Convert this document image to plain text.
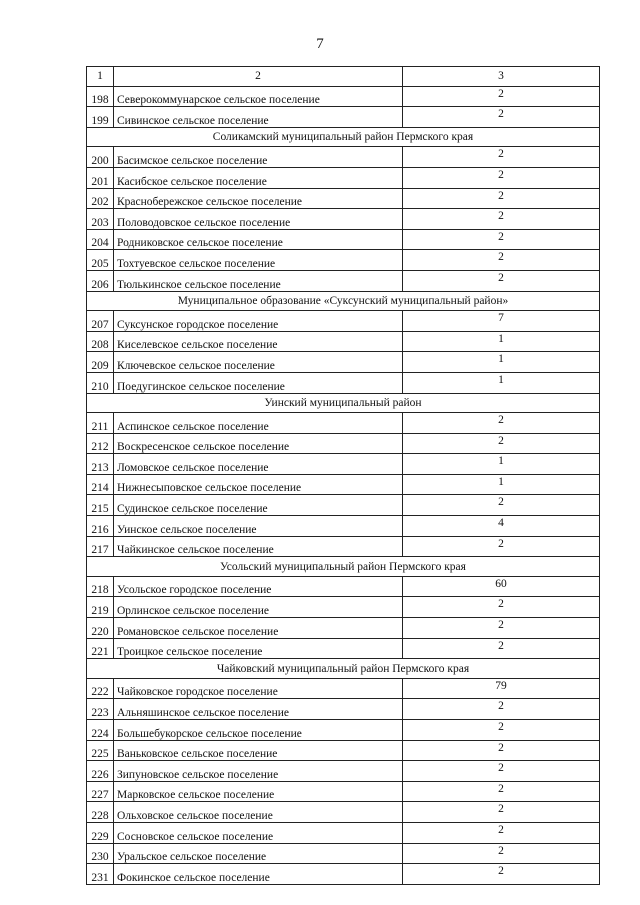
7
1	2	3
198	Северокоммунарское сельское поселение	2
199	Сивинское сельское поселение	2
Соликамский муниципальный район Пермского края		
200	Басимское сельское поселение	2
201	Касибское сельское поселение	2
202	Краснобережское сельское поселение	2
203	Половодовское сельское поселение	2
204	Родниковское сельское поселение	2
205	Тохтуевское сельское поселение	2
206	Тюлькинское сельское поселение	2
Муниципальное образование «Суксунский муниципальный район»		
207	Суксунское городское поселение	7
208	Киселевское сельское поселение	1
209	Ключевское сельское поселение	1
210	Поедугинское сельское поселение	1
Уинский муниципальный район		
211	Аспинское сельское поселение	2
212	Воскресенское сельское поселение	2
213	Ломовское сельское поселение	1
214	Нижнесыповское сельское поселение	1
215	Судинское сельское поселение	2
216	Уинское сельское поселение	4
217	Чайкинское сельское поселение	2
Усольский муниципальный район Пермского края		
218	Усольское городское поселение	60
219	Орлинское сельское поселение	2
220	Романовское сельское поселение	2
221	Троицкое сельское поселение	2
Чайковский муниципальный район Пермского края		
222	Чайковское городское поселение	79
223	Альняшинское сельское поселение	2
224	Большебукорское сельское поселение	2
225	Ваньковское сельское поселение	2
226	Зипуновское сельское поселение	2
227	Марковское сельское поселение	2
228	Ольховское сельское поселение	2
229	Сосновское сельское поселение	2
230	Уральское сельское поселение	2
231	Фокинское сельское поселение	2
